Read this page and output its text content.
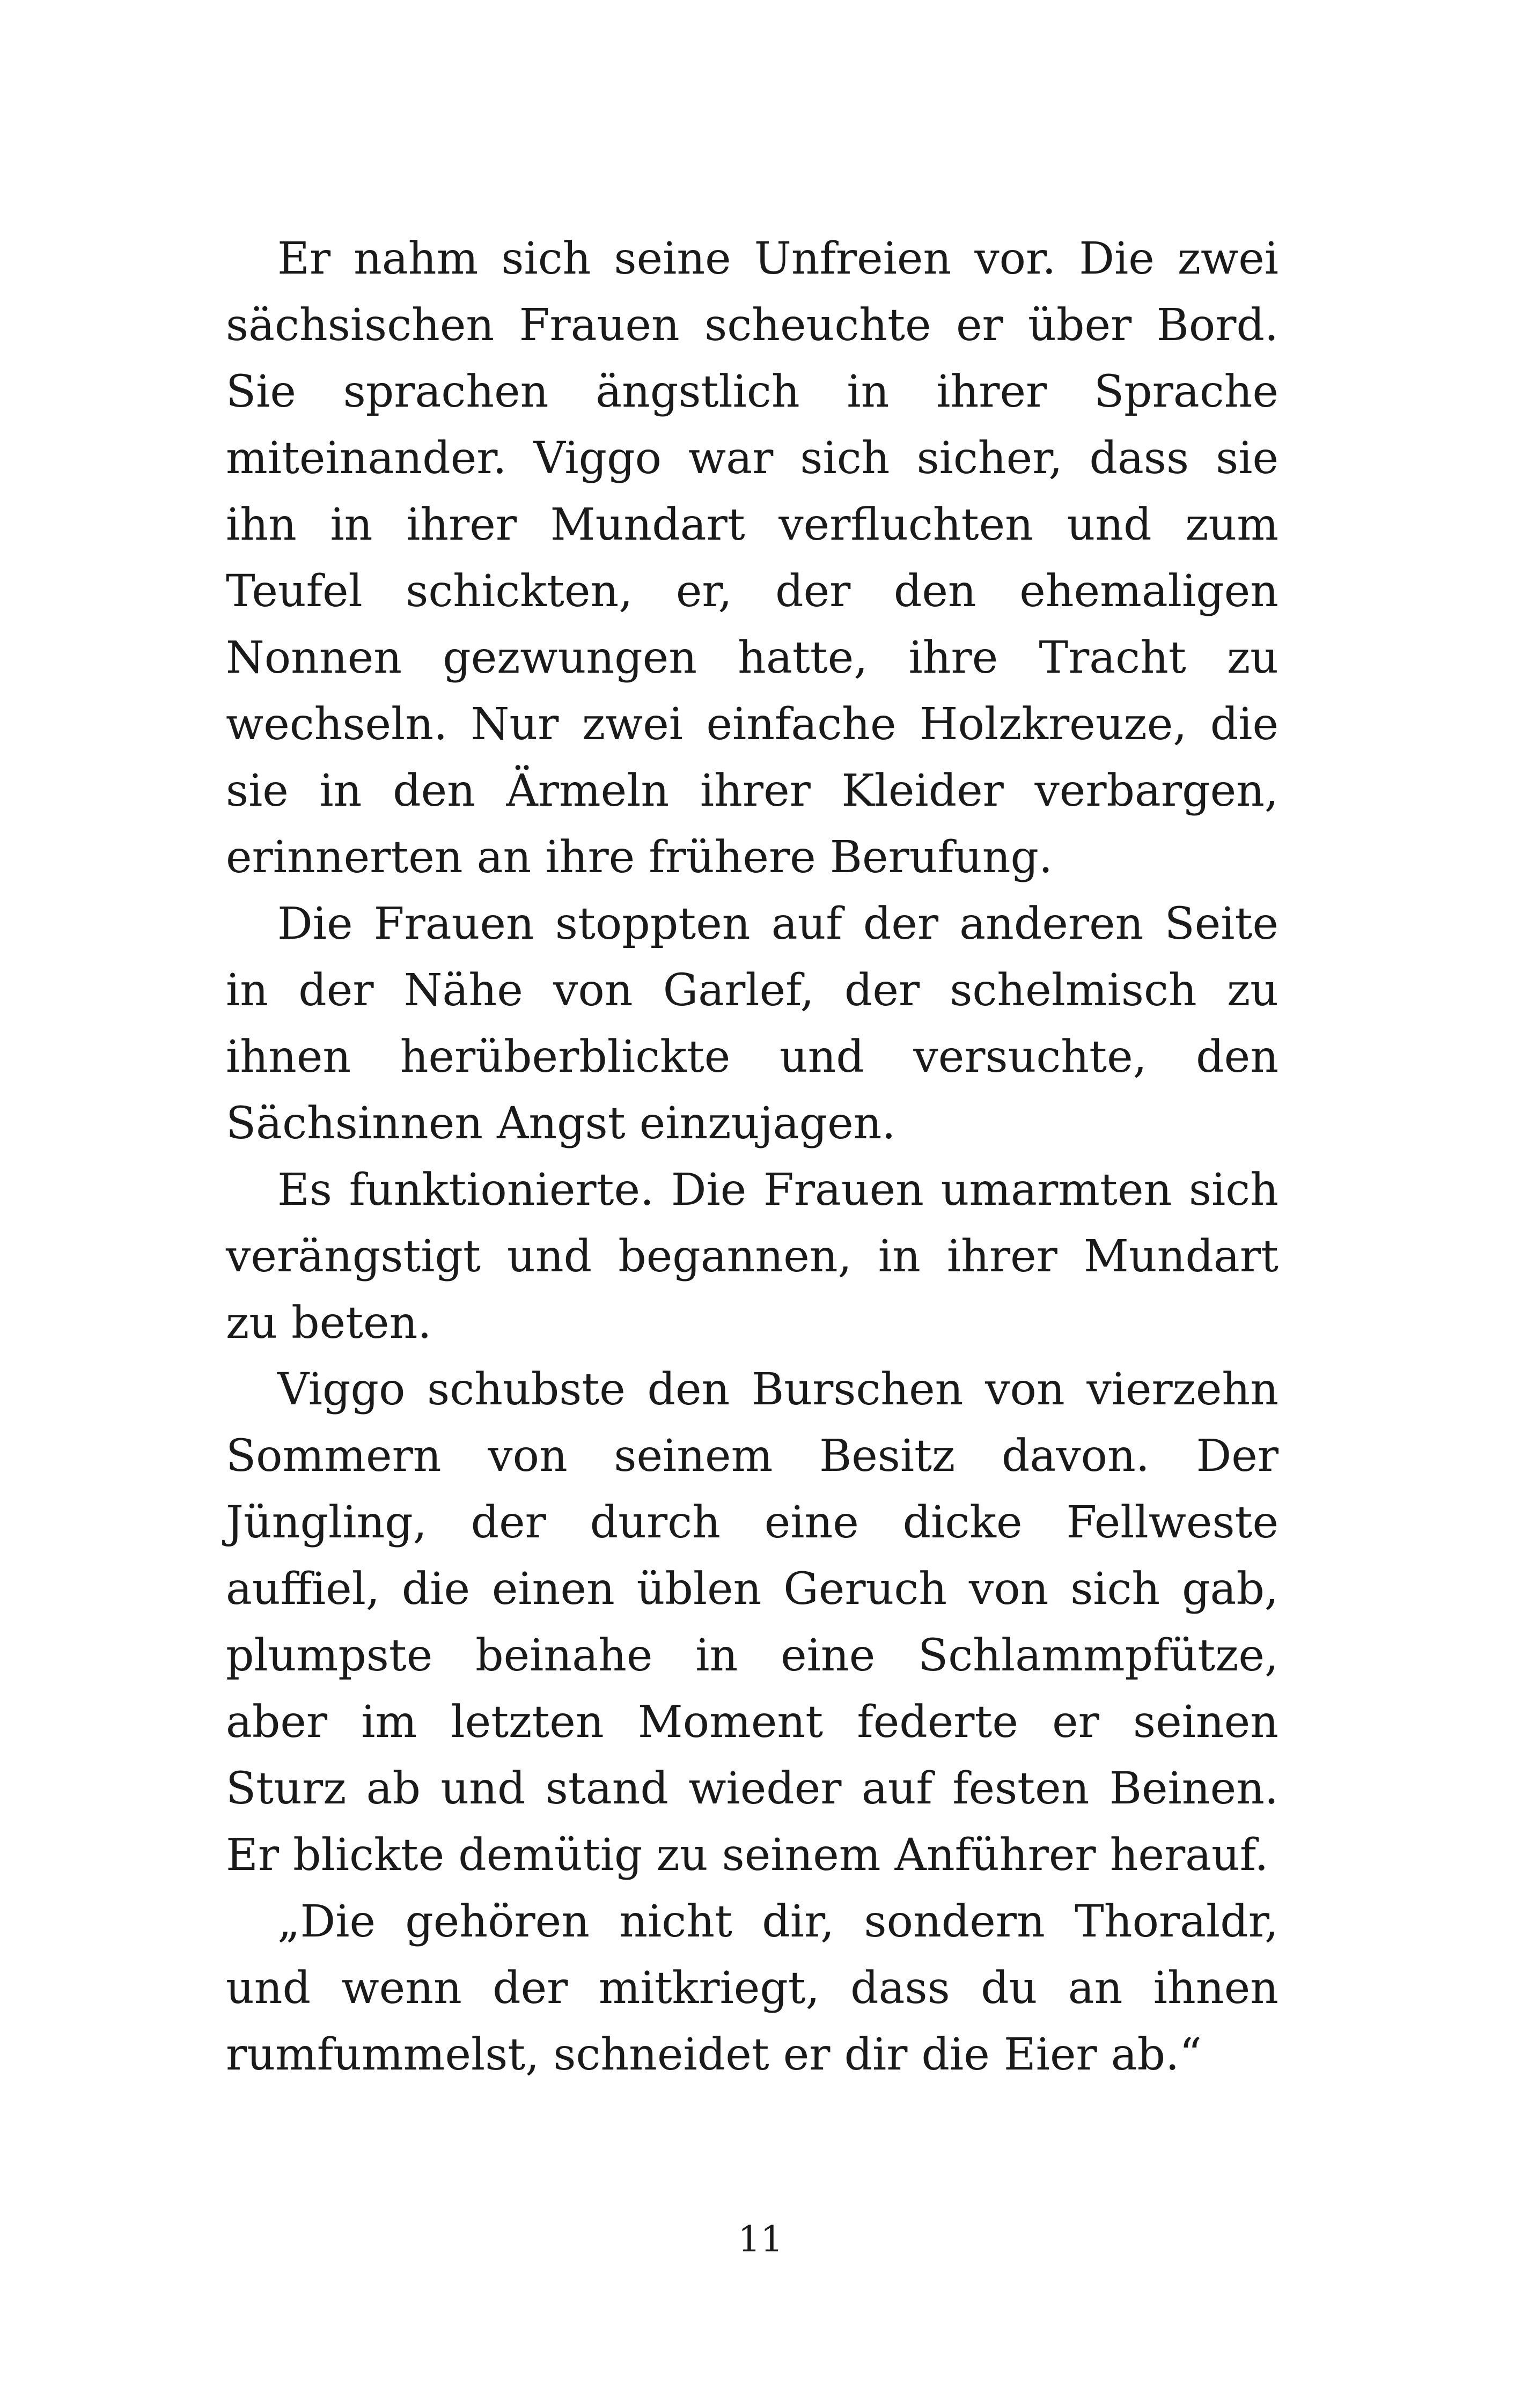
Er nahm sich seine Unfreien vor. Die zwei sächsischen Frauen scheuchte er über Bord. Sie sprachen ängstlich in ihrer Sprache miteinander. Viggo war sich sicher, dass sie ihn in ihrer Mundart verfluchten und zum Teufel schickten, er, der den ehemaligen Nonnen gezwungen hatte, ihre Tracht zu wechseln. Nur zwei einfache Holzkreuze, die sie in den Ärmeln ihrer Kleider verbargen, erinnerten an ihre frühere Berufung.

Die Frauen stoppten auf der anderen Seite in der Nähe von Garlef, der schelmisch zu ihnen herüberblickte und versuchte, den Sächsinnen Angst einzujagen.

Es funktionierte. Die Frauen umarmten sich verängstigt und begannen, in ihrer Mundart zu beten.

Viggo schubste den Burschen von vierzehn Sommern von seinem Besitz davon. Der Jüngling, der durch eine dicke Fellweste auffiel, die einen üblen Geruch von sich gab, plumpste beinahe in eine Schlammpfütze, aber im letzten Moment federte er seinen Sturz ab und stand wieder auf festen Beinen. Er blickte demütig zu seinem Anführer herauf.

„Die gehören nicht dir, sondern Thoraldr, und wenn der mitkriegt, dass du an ihnen rumfummelst, schneidet er dir die Eier ab.“

11
